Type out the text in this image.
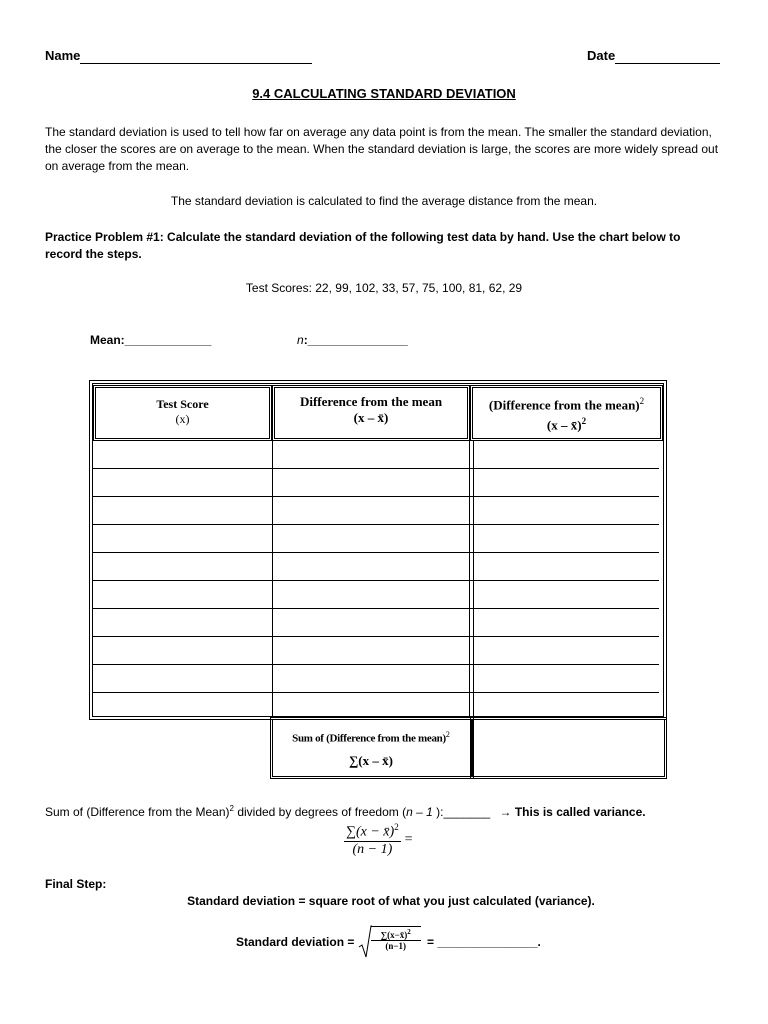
Name	Date
9.4 CALCULATING STANDARD DEVIATION

The standard deviation is used to tell how far on average any data point is from the mean. The smaller the standard deviation, the closer the scores are on average to the mean. When the standard deviation is large, the scores are more widely spread out on average from the mean.

The standard deviation is calculated to find the average distance from the mean.

Practice Problem #1: Calculate the standard deviation of the following test data by hand. Use the chart below to record the steps.

Test Scores: 22, 99, 102, 33, 57, 75, 100, 81, 62, 29
Mean:_____________	n:_______________
Test Score
(x)
Difference from the mean
(x – x̄)
(Difference from the mean)$^2$
(x – x̄)$^2$
Sum of (Difference from the mean)$^2$
∑(x – x̄)
Sum of (Difference from the Mean)$^2$ divided by degrees of freedom (n – 1 ):_______ → This is called variance.
$\frac{\sum(x - x̄)^2}{(n - 1)}$ =
Final Step:
Standard deviation = square root of what you just calculated (variance).
Standard deviation = $\frac{\sum(x-x̄)^2}{(n-1)}$ = _______________.
